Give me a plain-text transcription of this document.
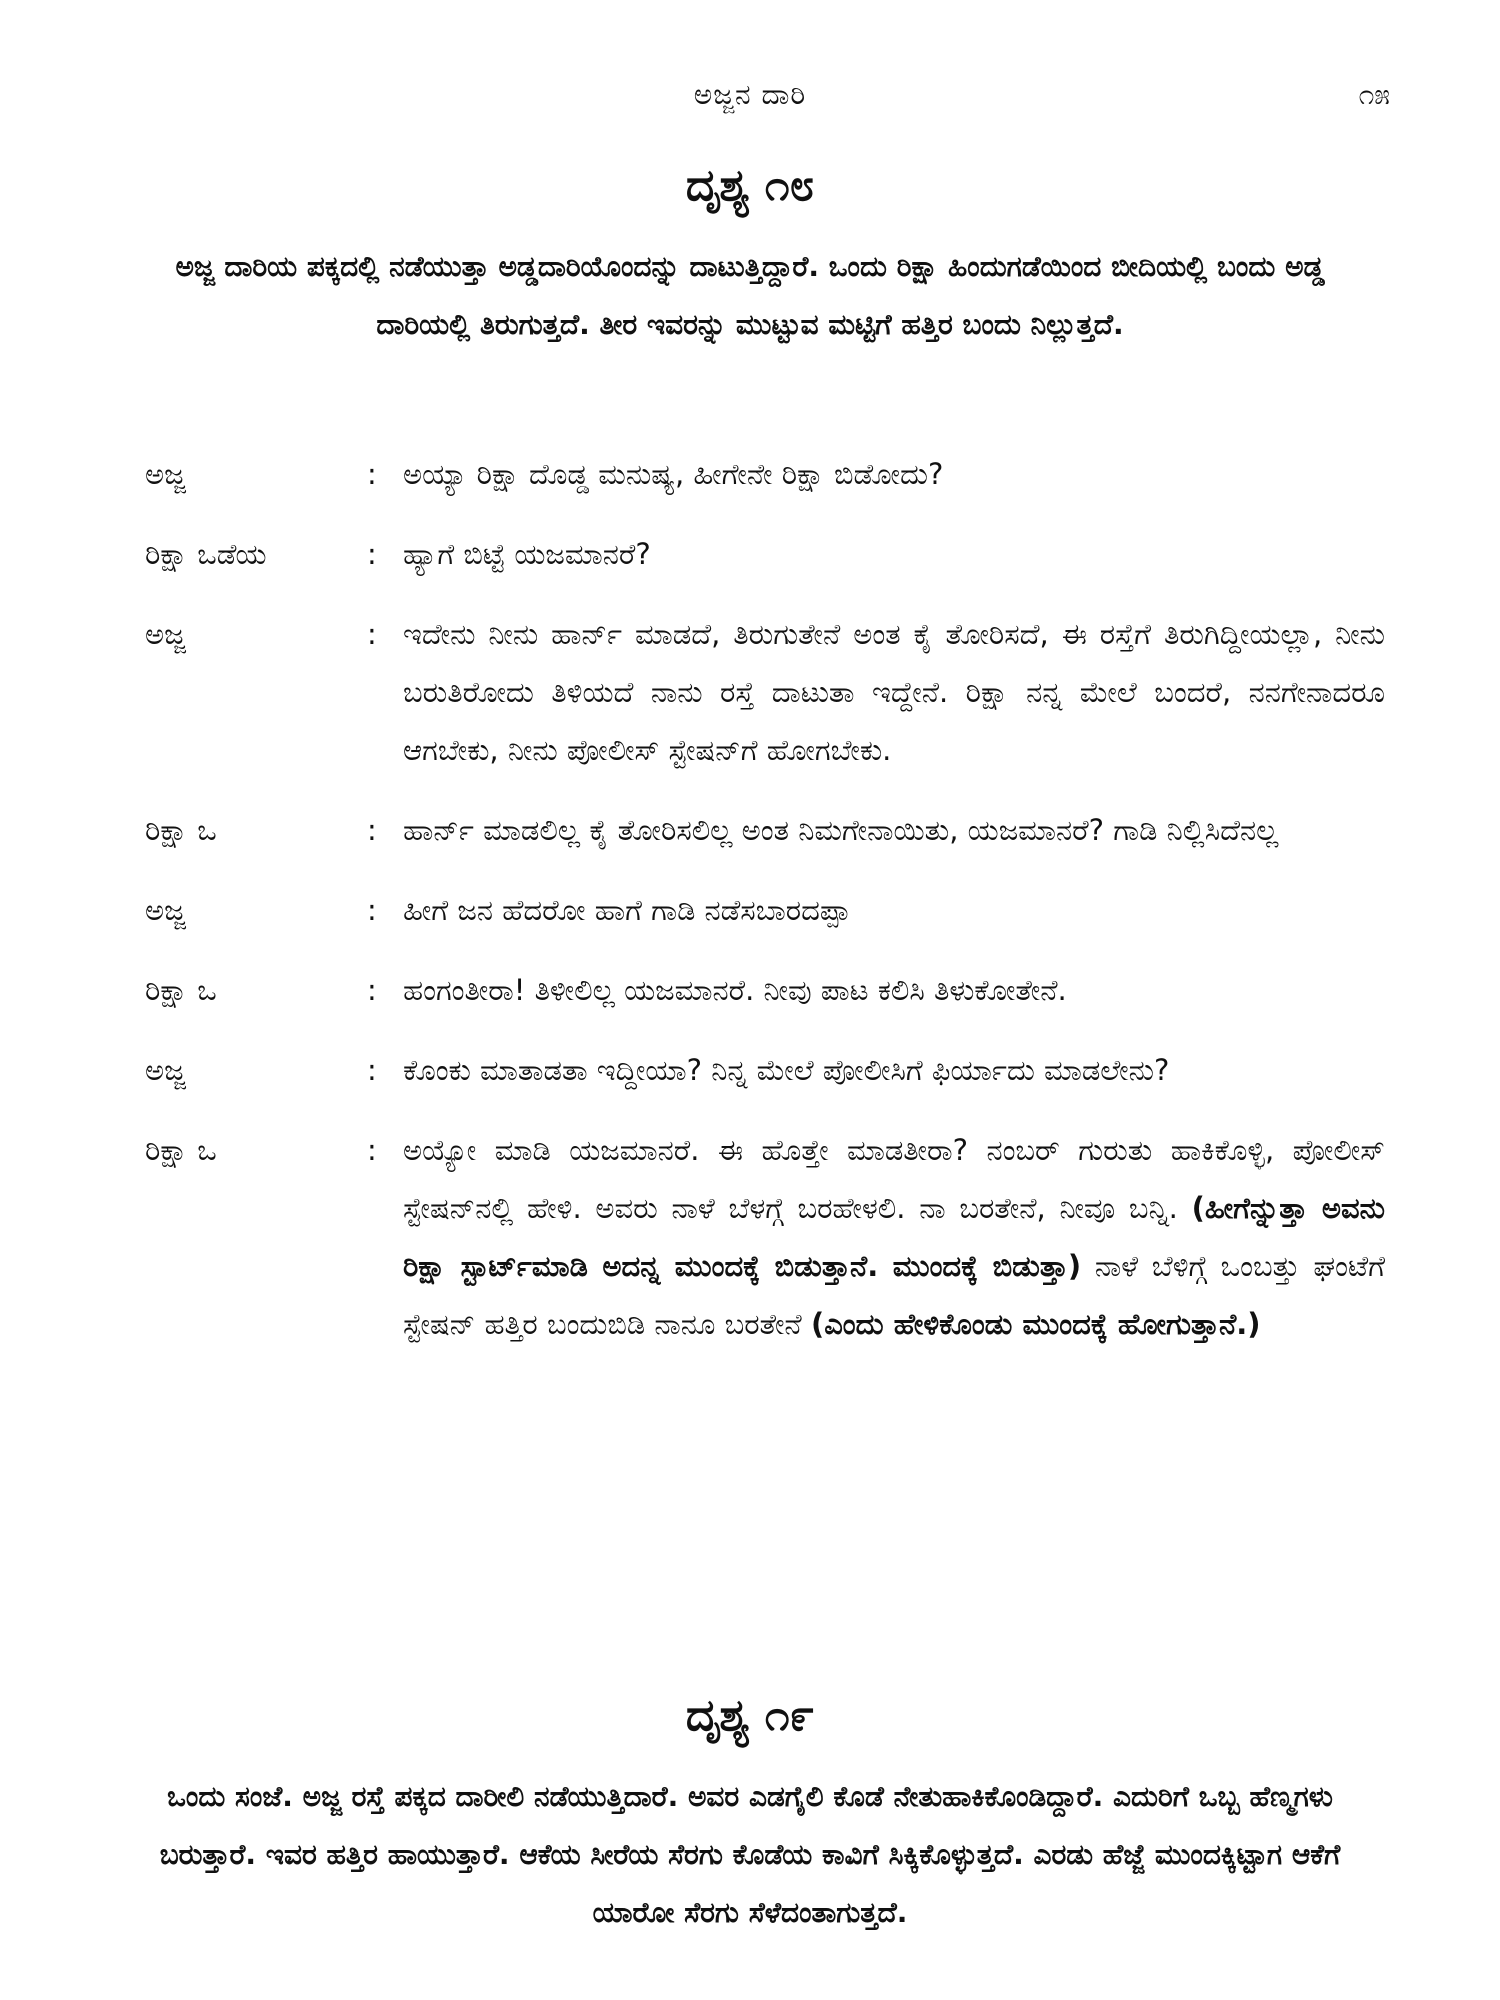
ಅಜ್ಜನ ದಾರಿ	೧೫
ದೃಶ್ಯ ೧೮
ಅಜ್ಜ ದಾರಿಯ ಪಕ್ಕದಲ್ಲಿ ನಡೆಯುತ್ತಾ ಅಡ್ಡದಾರಿಯೊಂದನ್ನು ದಾಟುತ್ತಿದ್ದಾರೆ. ಒಂದು ರಿಕ್ಷಾ ಹಿಂದುಗಡೆಯಿಂದ ಬೀದಿಯಲ್ಲಿ ಬಂದು ಅಡ್ಡ ದಾರಿಯಲ್ಲಿ ತಿರುಗುತ್ತದೆ. ತೀರ ಇವರನ್ನು ಮುಟ್ಟುವ ಮಟ್ಟಿಗೆ ಹತ್ತಿರ ಬಂದು ನಿಲ್ಲುತ್ತದೆ.
ಅಜ್ಜ	: ಅಯ್ಯಾ ರಿಕ್ಷಾ ದೊಡ್ಡ ಮನುಷ್ಯ, ಹೀಗೇನೇ ರಿಕ್ಷಾ ಬಿಡೋದು?
ರಿಕ್ಷಾ ಒಡೆಯ	: ಹ್ಯಾಗೆ ಬಿಟ್ಟೆ ಯಜಮಾನರೆ?
ಅಜ್ಜ	: ಇದೇನು ನೀನು ಹಾರ್ನ್ ಮಾಡದೆ, ತಿರುಗುತೇನೆ ಅಂತ ಕೈ ತೋರಿಸದೆ, ಈ ರಸ್ತೆಗೆ ತಿರುಗಿದ್ದೀಯಲ್ಲಾ, ನೀನು ಬರುತಿರೋದು ತಿಳಿಯದೆ ನಾನು ರಸ್ತೆ ದಾಟುತಾ ಇದ್ದೇನೆ. ರಿಕ್ಷಾ ನನ್ನ ಮೇಲೆ ಬಂದರೆ, ನನಗೇನಾದರೂ ಆಗಬೇಕು, ನೀನು ಪೋಲೀಸ್ ಸ್ಟೇಷನ್‌ಗೆ ಹೋಗಬೇಕು.
ರಿಕ್ಷಾ ಒ	: ಹಾರ್ನ್ ಮಾಡಲಿಲ್ಲ ಕೈ ತೋರಿಸಲಿಲ್ಲ ಅಂತ ನಿಮಗೇನಾಯಿತು, ಯಜಮಾನರೆ? ಗಾಡಿ ನಿಲ್ಲಿಸಿದೆನಲ್ಲ
ಅಜ್ಜ	: ಹೀಗೆ ಜನ ಹೆದರೋ ಹಾಗೆ ಗಾಡಿ ನಡೆಸಬಾರದಪ್ಪಾ
ರಿಕ್ಷಾ ಒ	: ಹಂಗಂತೀರಾ! ತಿಳೀಲಿಲ್ಲ ಯಜಮಾನರೆ. ನೀವು ಪಾಟ ಕಲಿಸಿ ತಿಳುಕೋತೇನೆ.
ಅಜ್ಜ	: ಕೊಂಕು ಮಾತಾಡತಾ ಇದ್ದೀಯಾ? ನಿನ್ನ ಮೇಲೆ ಪೋಲೀಸಿಗೆ ಫಿರ್ಯಾದು ಮಾಡಲೇನು?
ರಿಕ್ಷಾ ಒ	: ಅಯ್ಯೋ ಮಾಡಿ ಯಜಮಾನರೆ. ಈ ಹೊತ್ತೇ ಮಾಡತೀರಾ? ನಂಬರ್ ಗುರುತು ಹಾಕಿಕೊಳ್ಳಿ, ಪೋಲೀಸ್ ಸ್ಟೇಷನ್‌ನಲ್ಲಿ ಹೇಳಿ. ಅವರು ನಾಳೆ ಬೆಳಗ್ಗೆ ಬರಹೇಳಲಿ. ನಾ ಬರತೇನೆ, ನೀವೂ ಬನ್ನಿ. (ಹೀಗೆನ್ನುತ್ತಾ ಅವನು ರಿಕ್ಷಾ ಸ್ಟಾರ್ಟ್‌ಮಾಡಿ ಅದನ್ನ ಮುಂದಕ್ಕೆ ಬಿಡುತ್ತಾನೆ. ಮುಂದಕ್ಕೆ ಬಿಡುತ್ತಾ) ನಾಳೆ ಬೆಳಿಗ್ಗೆ ಒಂಬತ್ತು ಘಂಟೆಗೆ ಸ್ಟೇಷನ್ ಹತ್ತಿರ ಬಂದುಬಿಡಿ ನಾನೂ ಬರತೇನೆ (ಎಂದು ಹೇಳಿಕೊಂಡು ಮುಂದಕ್ಕೆ ಹೋಗುತ್ತಾನೆ.)
ದೃಶ್ಯ ೧೯
ಒಂದು ಸಂಜೆ. ಅಜ್ಜ ರಸ್ತೆ ಪಕ್ಕದ ದಾರೀಲಿ ನಡೆಯುತ್ತಿದಾರೆ. ಅವರ ಎಡಗೈಲಿ ಕೊಡೆ ನೇತುಹಾಕಿಕೊಂಡಿದ್ದಾರೆ. ಎದುರಿಗೆ ಒಬ್ಬ ಹೆಣ್ಮಗಳು ಬರುತ್ತಾರೆ. ಇವರ ಹತ್ತಿರ ಹಾಯುತ್ತಾರೆ. ಆಕೆಯ ಸೀರೆಯ ಸೆರಗು ಕೊಡೆಯ ಕಾವಿಗೆ ಸಿಕ್ಕಿಕೊಳ್ಳುತ್ತದೆ. ಎರಡು ಹೆಜ್ಜೆ ಮುಂದಕ್ಕಿಟ್ಟಾಗ ಆಕೆಗೆ ಯಾರೋ ಸೆರಗು ಸೆಳೆದಂತಾಗುತ್ತದೆ.
